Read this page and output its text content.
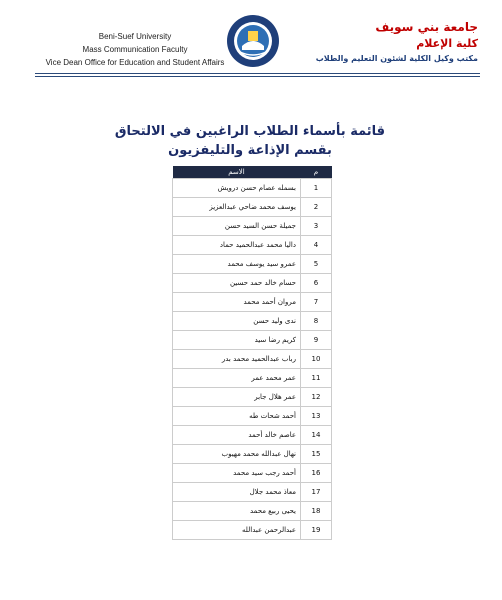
Beni-Suef University
Mass Communication Faculty
Vice Dean Office for Education and Student Affairs
جامعة بني سويف
كلية الإعلام
مكتب وكيل الكلية لشئون التعليم والطلاب
قائمة بأسماء الطلاب الراغبين في الالتحاق
بقسم الإذاعة والتليفزيون
م	الاسم
1	بسمله عصام حسن درويش
2	يوسف محمد ضاحي عبدالعزيز
3	جميلة حسن السيد حسن
4	داليا محمد عبدالحميد حماد
5	عمرو سيد يوسف محمد
6	حسام خالد حمد حسين
7	مروان أحمد محمد
8	ندى وليد حسن
9	كريم رضا سيد
10	رباب عبدالحميد محمد بدر
11	عمر محمد عمر
12	عمر هلال جابر
13	أحمد شحات طه
14	عاصم خالد أحمد
15	نهال عبدالله محمد مهيوب
16	أحمد رجب سيد محمد
17	معاذ محمد جلال
18	يحيى ربيع محمد
19	عبدالرحمن عبدالله
